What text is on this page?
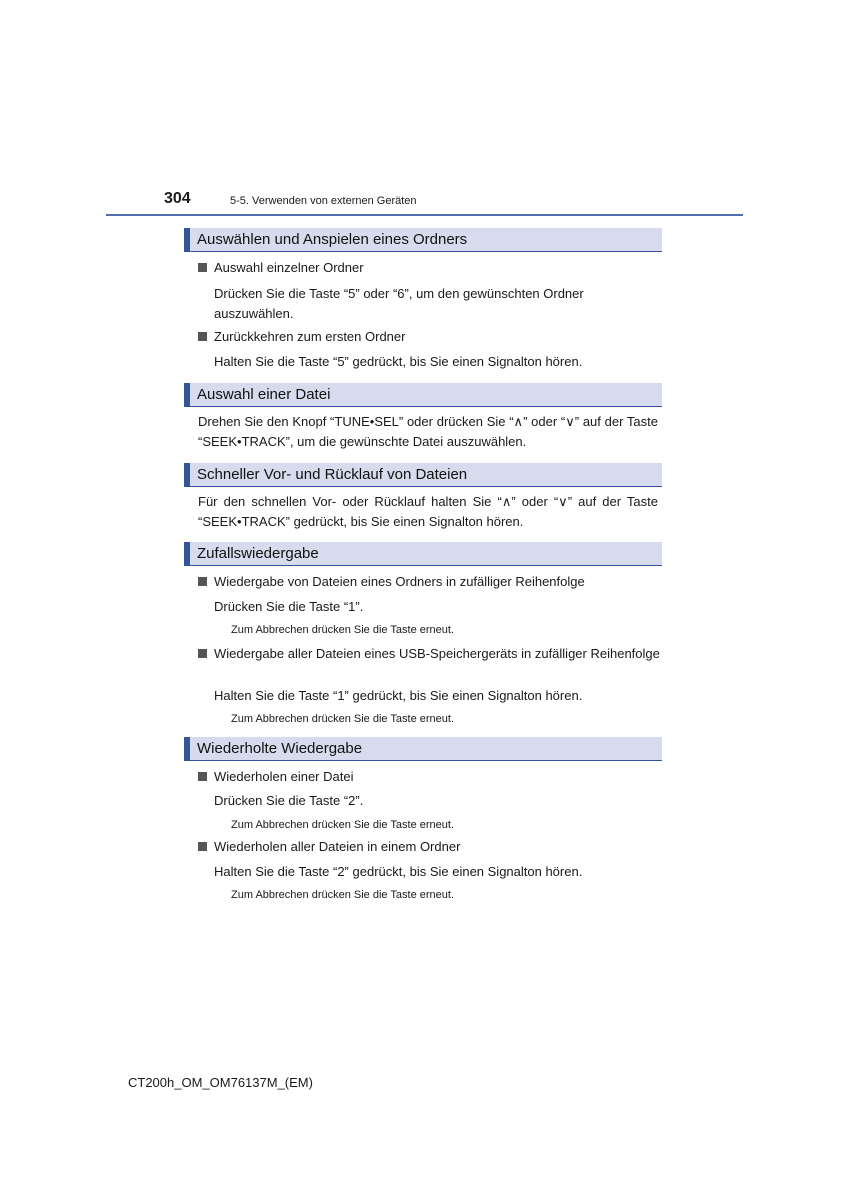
304	5-5. Verwenden von externen Geräten
Auswählen und Anspielen eines Ordners
Auswahl einzelner Ordner
Drücken Sie die Taste “5” oder “6”, um den gewünschten Ordner auszuwählen.
Zurückkehren zum ersten Ordner
Halten Sie die Taste “5” gedrückt, bis Sie einen Signalton hören.
Auswahl einer Datei
Drehen Sie den Knopf “TUNE•SEL” oder drücken Sie “∧” oder “∨” auf der Taste “SEEK•TRACK”, um die gewünschte Datei auszuwählen.
Schneller Vor- und Rücklauf von Dateien
Für den schnellen Vor- oder Rücklauf halten Sie “∧” oder “∨” auf der Taste “SEEK•TRACK” gedrückt, bis Sie einen Signalton hören.
Zufallswiedergabe
Wiedergabe von Dateien eines Ordners in zufälliger Reihenfolge
Drücken Sie die Taste “1”.
Zum Abbrechen drücken Sie die Taste erneut.
Wiedergabe aller Dateien eines USB-Speichergeräts in zufälliger Reihenfolge
Halten Sie die Taste “1” gedrückt, bis Sie einen Signalton hören.
Zum Abbrechen drücken Sie die Taste erneut.
Wiederholte Wiedergabe
Wiederholen einer Datei
Drücken Sie die Taste “2”.
Zum Abbrechen drücken Sie die Taste erneut.
Wiederholen aller Dateien in einem Ordner
Halten Sie die Taste “2” gedrückt, bis Sie einen Signalton hören.
Zum Abbrechen drücken Sie die Taste erneut.
CT200h_OM_OM76137M_(EM)
